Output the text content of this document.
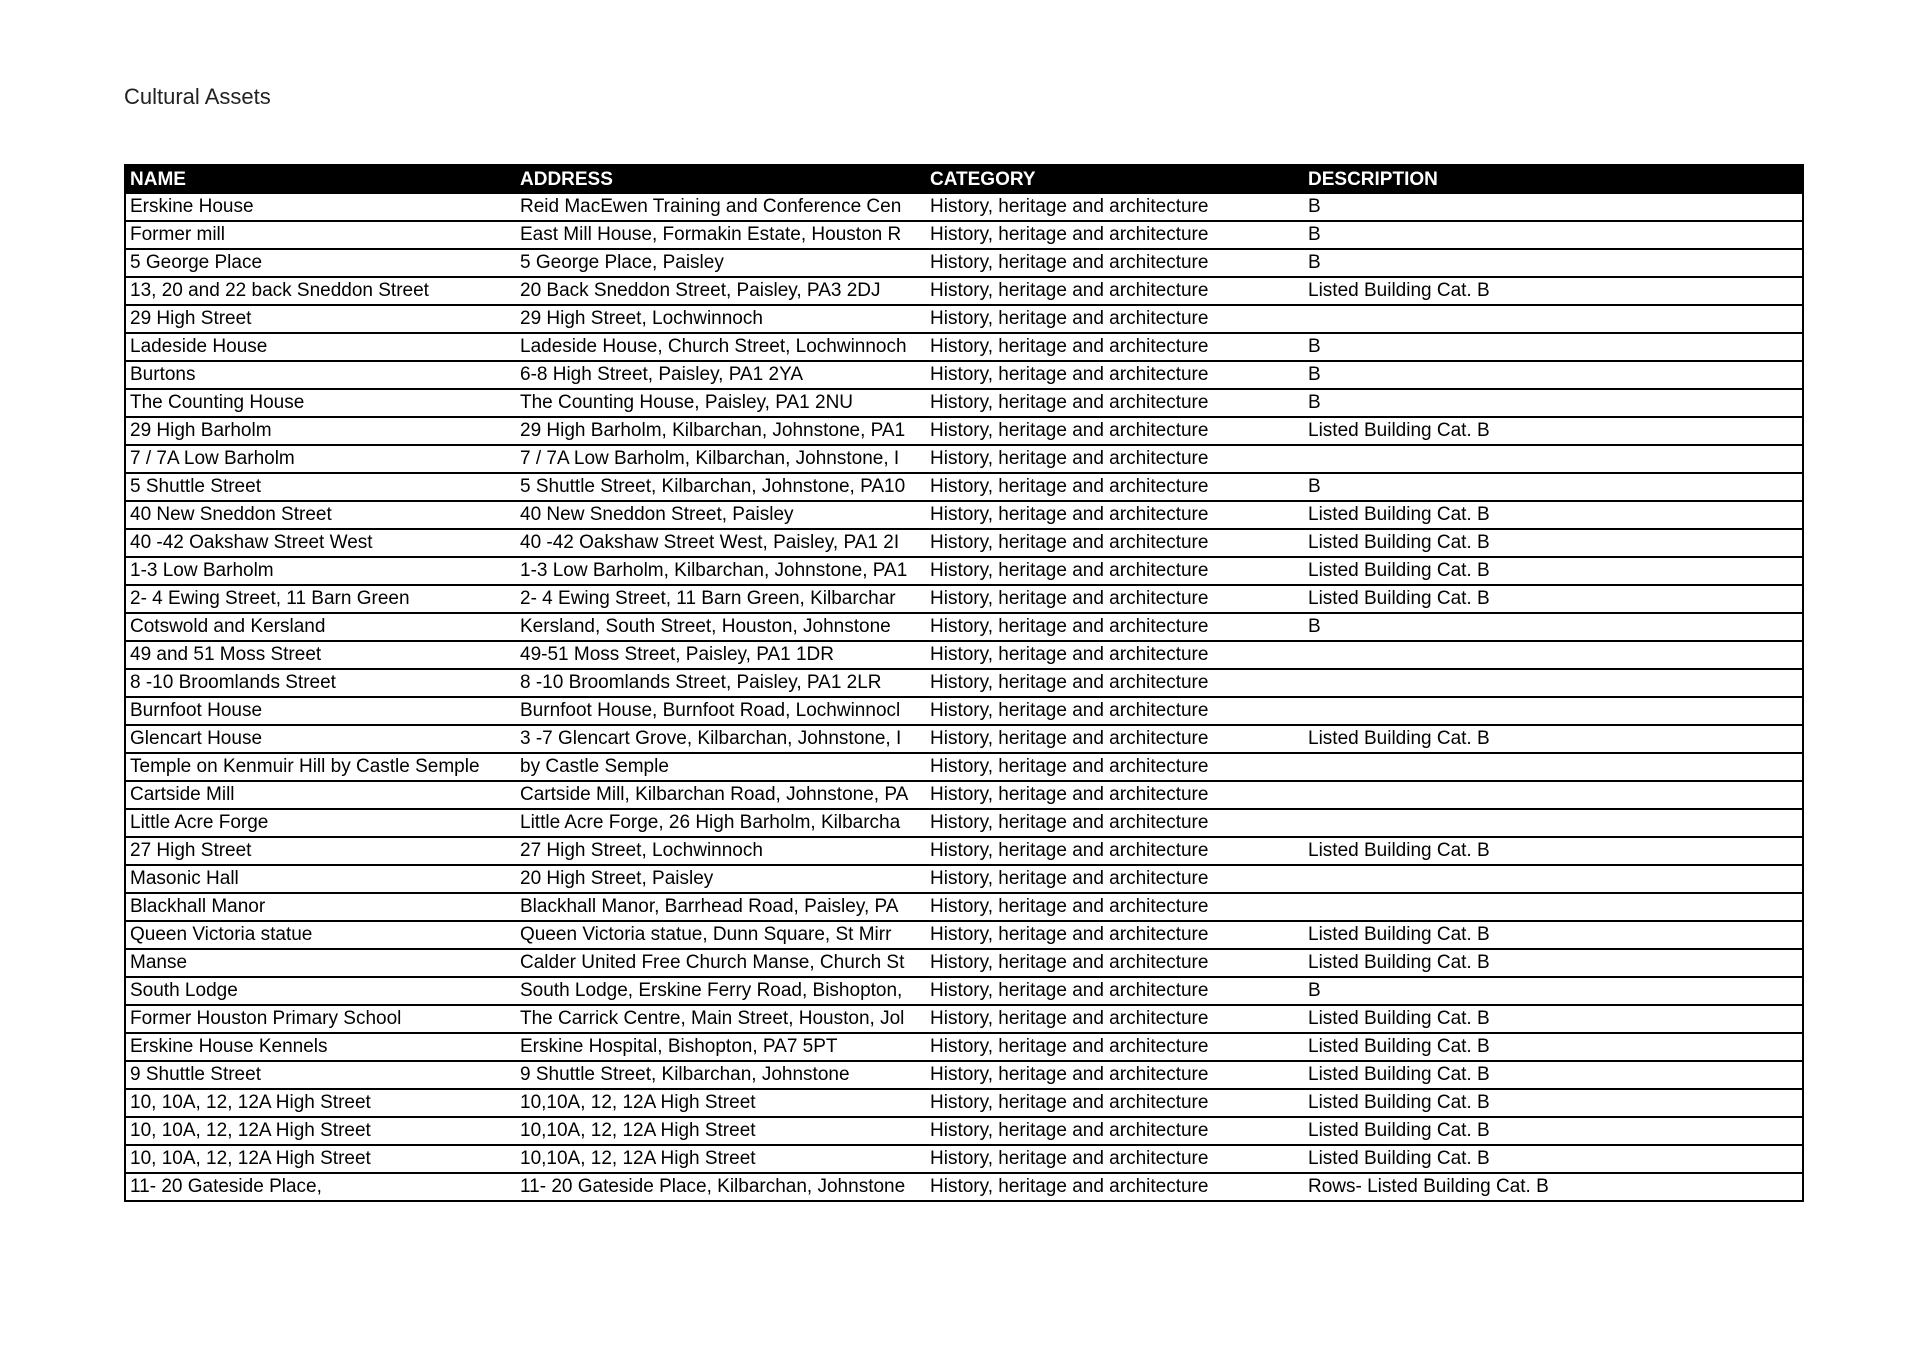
Cultural Assets
NAME	ADDRESS	CATEGORY	DESCRIPTION
Erskine House	Reid MacEwen Training and Conference Cen	History, heritage and architecture	B
Former mill	East Mill House, Formakin Estate, Houston R	History, heritage and architecture	B
5 George Place	5 George Place, Paisley	History, heritage and architecture	B
13, 20 and 22 back Sneddon Street	20 Back Sneddon Street, Paisley, PA3 2DJ	History, heritage and architecture	Listed Building Cat. B
29 High Street	29 High Street, Lochwinnoch	History, heritage and architecture	
Ladeside House	Ladeside House, Church Street, Lochwinnoch	History, heritage and architecture	B
Burtons	6-8 High Street, Paisley, PA1 2YA	History, heritage and architecture	B
The Counting House	The Counting House, Paisley, PA1 2NU	History, heritage and architecture	B
29 High Barholm	29 High Barholm, Kilbarchan, Johnstone, PA1	History, heritage and architecture	Listed Building Cat. B
7 / 7A Low Barholm	7 / 7A Low Barholm, Kilbarchan, Johnstone, I	History, heritage and architecture	
5 Shuttle Street	5 Shuttle Street, Kilbarchan, Johnstone, PA10	History, heritage and architecture	B
40 New Sneddon Street	40 New Sneddon Street, Paisley	History, heritage and architecture	Listed Building Cat. B
40 -42 Oakshaw Street West	40 -42 Oakshaw Street West, Paisley, PA1 2I	History, heritage and architecture	Listed Building Cat. B
1-3 Low Barholm	1-3 Low Barholm, Kilbarchan, Johnstone, PA1	History, heritage and architecture	Listed Building Cat. B
2- 4 Ewing Street, 11 Barn Green	2- 4 Ewing Street, 11 Barn Green, Kilbarchar	History, heritage and architecture	Listed Building Cat. B
Cotswold and Kersland	Kersland, South Street, Houston, Johnstone	History, heritage and architecture	B
49 and 51 Moss Street	49-51 Moss Street, Paisley, PA1 1DR	History, heritage and architecture	
8 -10 Broomlands Street	8 -10 Broomlands Street, Paisley, PA1 2LR	History, heritage and architecture	
Burnfoot House	Burnfoot House, Burnfoot Road, Lochwinnocl	History, heritage and architecture	
Glencart House	3 -7 Glencart Grove, Kilbarchan, Johnstone, I	History, heritage and architecture	Listed Building Cat. B
Temple on Kenmuir Hill by Castle Semple	by Castle Semple	History, heritage and architecture	
Cartside Mill	Cartside Mill, Kilbarchan Road, Johnstone, PA	History, heritage and architecture	
Little Acre Forge	Little Acre Forge, 26 High Barholm, Kilbarcha	History, heritage and architecture	
27 High Street	27 High Street, Lochwinnoch	History, heritage and architecture	Listed Building Cat. B
Masonic Hall	20 High Street, Paisley	History, heritage and architecture	
Blackhall Manor	Blackhall Manor, Barrhead Road, Paisley, PA	History, heritage and architecture	
Queen Victoria statue	Queen Victoria statue, Dunn Square, St Mirr	History, heritage and architecture	Listed Building Cat. B
Manse	Calder United Free Church Manse, Church St	History, heritage and architecture	Listed Building Cat. B
South Lodge	South Lodge, Erskine Ferry Road, Bishopton,	History, heritage and architecture	B
Former Houston Primary School	The Carrick Centre, Main Street, Houston, Jol	History, heritage and architecture	Listed Building Cat. B
Erskine House Kennels	Erskine Hospital, Bishopton, PA7 5PT	History, heritage and architecture	Listed Building Cat. B
9 Shuttle Street	9 Shuttle Street, Kilbarchan, Johnstone	History, heritage and architecture	Listed Building Cat. B
10, 10A, 12, 12A High Street	10,10A, 12, 12A High Street	History, heritage and architecture	Listed Building Cat. B
10, 10A, 12, 12A High Street	10,10A, 12, 12A High Street	History, heritage and architecture	Listed Building Cat. B
10, 10A, 12, 12A High Street	10,10A, 12, 12A High Street	History, heritage and architecture	Listed Building Cat. B
11- 20 Gateside Place,	11- 20 Gateside Place, Kilbarchan, Johnstone	History, heritage and architecture	Rows- Listed Building Cat. B
